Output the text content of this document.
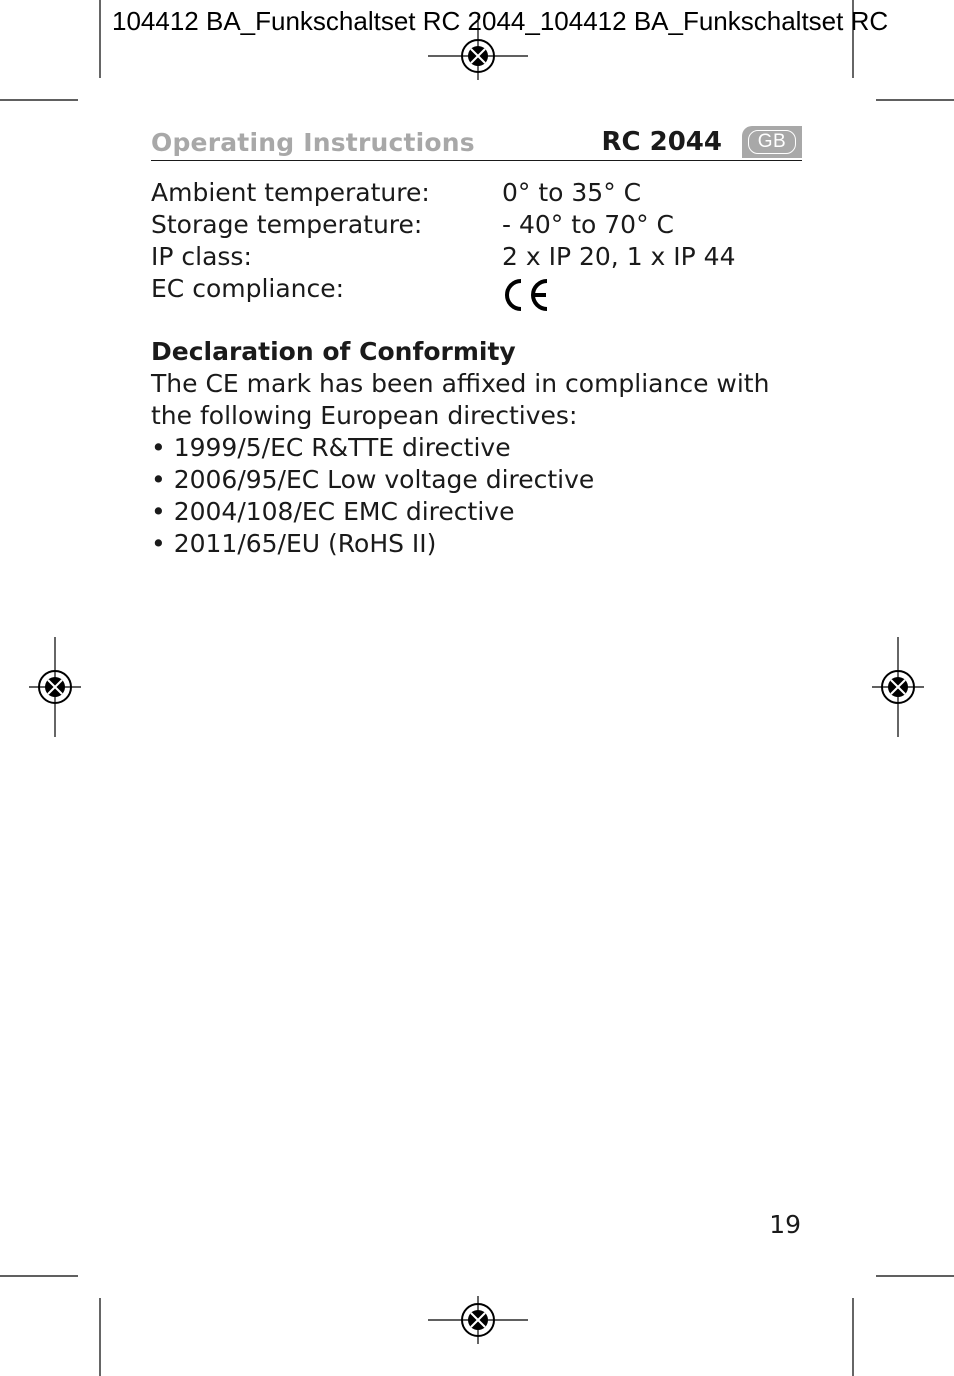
104412 BA_Funkschaltset RC 2044_104412 BA_Funkschaltset RC
Operating Instructions	RC 2044	GB
Ambient temperature:	0° to 35° C
Storage temperature:	- 40° to 70° C
IP class:	2 x IP 20, 1 x IP 44
EC compliance:
Declaration of Conformity

The CE mark has been affixed in compliance with

the following European directives:

• 1999/5/EC R&TTE directive
• 2006/95/EC Low voltage directive
• 2004/108/EC EMC directive
• 2011/65/EU (RoHS II)
19
